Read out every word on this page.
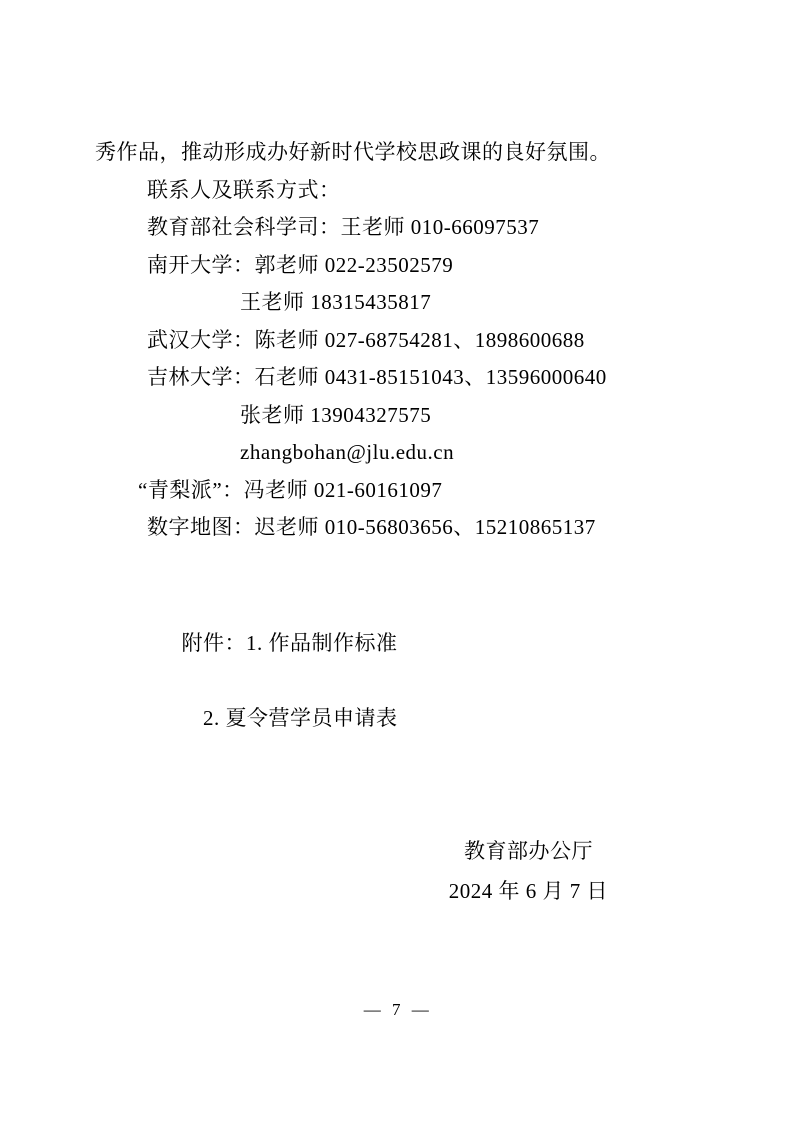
秀作品，推动形成办好新时代学校思政课的良好氛围。
联系人及联系方式：
教育部社会科学司：王老师 010-66097537
南开大学：郭老师 022-23502579
王老师 18315435817
武汉大学：陈老师 027-68754281、1898600688
吉林大学：石老师 0431-85151043、13596000640
张老师 13904327575
zhangbohan@jlu.edu.cn
“青梨派”：冯老师 021-60161097
数字地图：迟老师 010-56803656、15210865137

附件：1. 作品制作标准

2. 夏令营学员申请表
教育部办公厅
2024 年 6 月 7 日
— 7 —
